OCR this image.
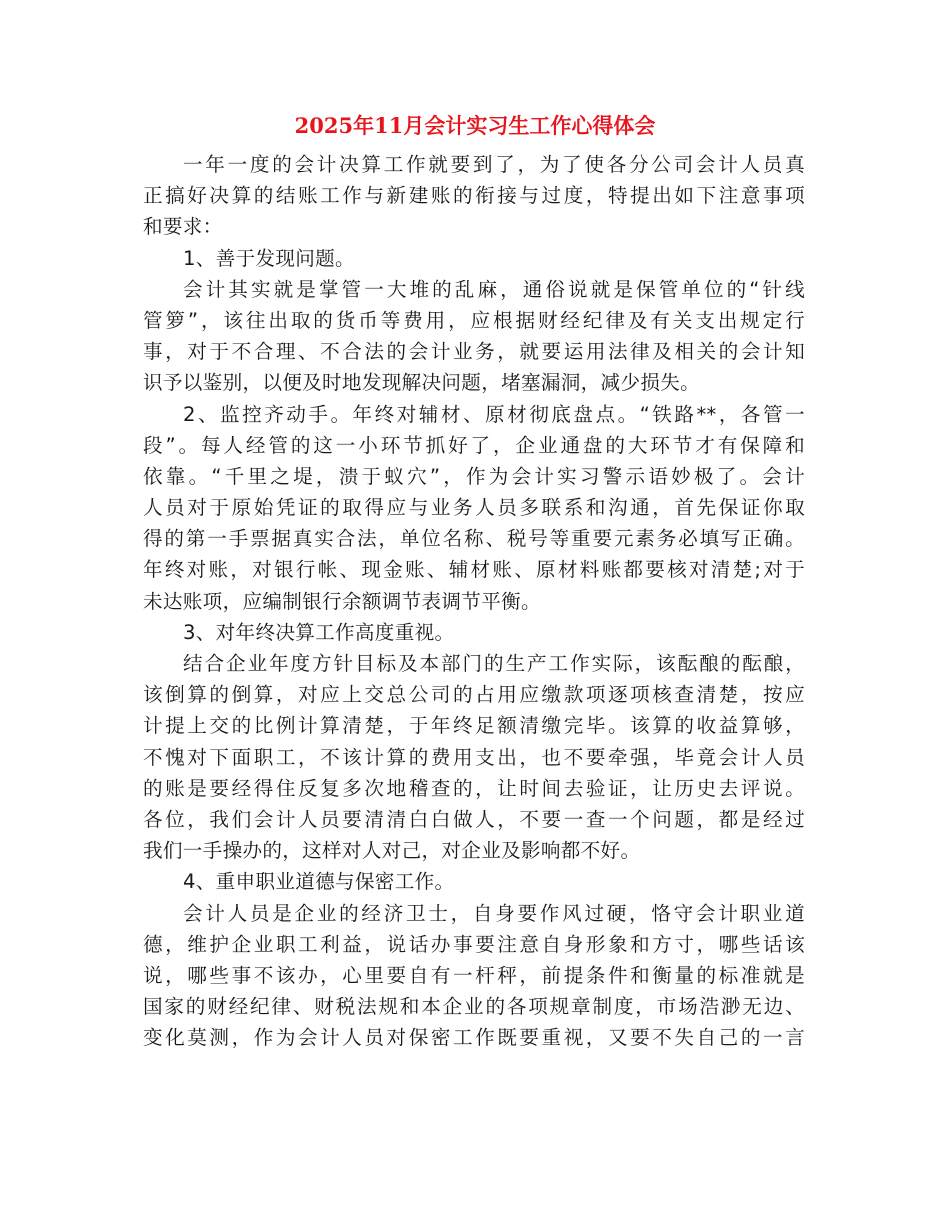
2025年11月会计实习生工作心得体会
一年一度的会计决算工作就要到了，为了使各分公司会计人员真
正搞好决算的结账工作与新建账的衔接与过度，特提出如下注意事项
和要求：
1、善于发现问题。
会计其实就是掌管一大堆的乱麻，通俗说就是保管单位的“针线
管箩”，该往出取的货币等费用，应根据财经纪律及有关支出规定行
事，对于不合理、不合法的会计业务，就要运用法律及相关的会计知
识予以鉴别，以便及时地发现解决问题，堵塞漏洞，减少损失。
2、监控齐动手。年终对辅材、原材彻底盘点。“铁路**，各管一
段”。每人经管的这一小环节抓好了，企业通盘的大环节才有保障和
依靠。“千里之堤，溃于蚁穴”，作为会计实习警示语妙极了。会计
人员对于原始凭证的取得应与业务人员多联系和沟通，首先保证你取
得的第一手票据真实合法，单位名称、税号等重要元素务必填写正确。
年终对账，对银行帐、现金账、辅材账、原材料账都要核对清楚;对于
未达账项，应编制银行余额调节表调节平衡。
3、对年终决算工作高度重视。
结合企业年度方针目标及本部门的生产工作实际，该酝酿的酝酿，
该倒算的倒算，对应上交总公司的占用应缴款项逐项核查清楚，按应
计提上交的比例计算清楚，于年终足额清缴完毕。该算的收益算够，
不愧对下面职工，不该计算的费用支出，也不要牵强，毕竟会计人员
的账是要经得住反复多次地稽查的，让时间去验证，让历史去评说。
各位，我们会计人员要清清白白做人，不要一查一个问题，都是经过
我们一手操办的，这样对人对己，对企业及影响都不好。
4、重申职业道德与保密工作。
会计人员是企业的经济卫士，自身要作风过硬，恪守会计职业道
德，维护企业职工利益，说话办事要注意自身形象和方寸，哪些话该
说，哪些事不该办，心里要自有一杆秤，前提条件和衡量的标准就是
国家的财经纪律、财税法规和本企业的各项规章制度，市场浩渺无边、
变化莫测，作为会计人员对保密工作既要重视，又要不失自己的一言
